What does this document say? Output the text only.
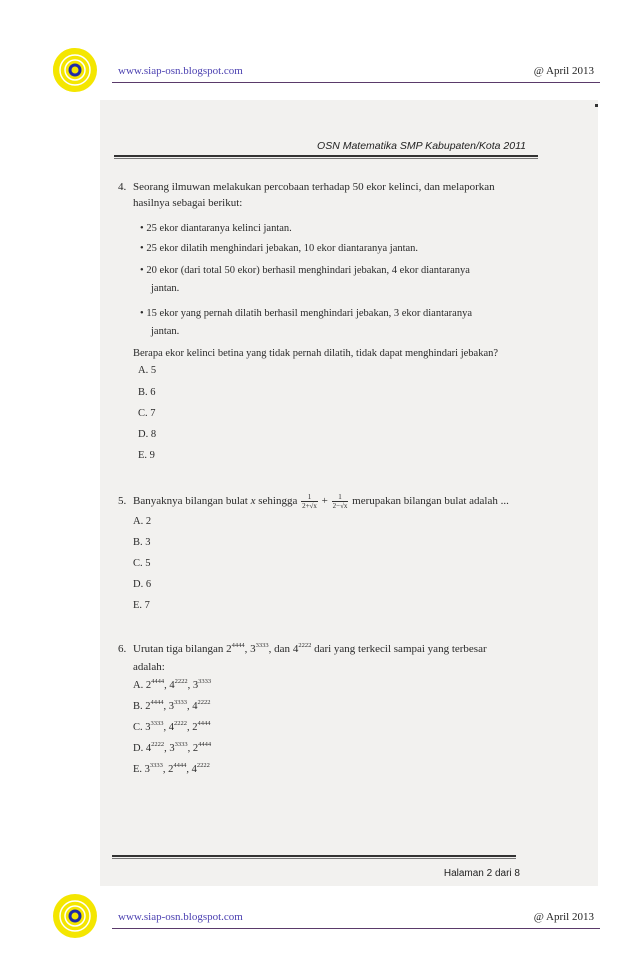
www.siap-osn.blogspot.com	@ April 2013
OSN Matematika SMP Kabupaten/Kota 2011
4. Seorang ilmuwan melakukan percobaan terhadap 50 ekor kelinci, dan melaporkan
hasilnya sebagai berikut:
• 25 ekor diantaranya kelinci jantan.
• 25 ekor dilatih menghindari jebakan, 10 ekor diantaranya jantan.
• 20 ekor (dari total 50 ekor) berhasil menghindari jebakan, 4 ekor diantaranya
jantan.
• 15 ekor yang pernah dilatih berhasil menghindari jebakan, 3 ekor diantaranya
jantan.
Berapa ekor kelinci betina yang tidak pernah dilatih, tidak dapat menghindari jebakan?
A. 5
B. 6
C. 7
D. 8
E. 9
5. Banyaknya bilangan bulat x sehingga $\frac{1}{2+√x} + \frac{1}{2-√x}$ merupakan bilangan bulat adalah ...
A. 2
B. 3
C. 5
D. 6
E. 7
6. Urutan tiga bilangan $2^{4444}$, $3^{3333}$, dan $4^{2222}$ dari yang terkecil sampai yang terbesar
adalah:
A. $2^{4444}$, $4^{2222}$, $3^{3333}$
B. $2^{4444}$, $3^{3333}$, $4^{2222}$
C. $3^{3333}$, $4^{2222}$, $2^{4444}$
D. $4^{2222}$, $3^{3333}$, $2^{4444}$
E. $3^{3333}$, $2^{4444}$, $4^{2222}$
Halaman 2 dari 8
www.siap-osn.blogspot.com	@ April 2013
